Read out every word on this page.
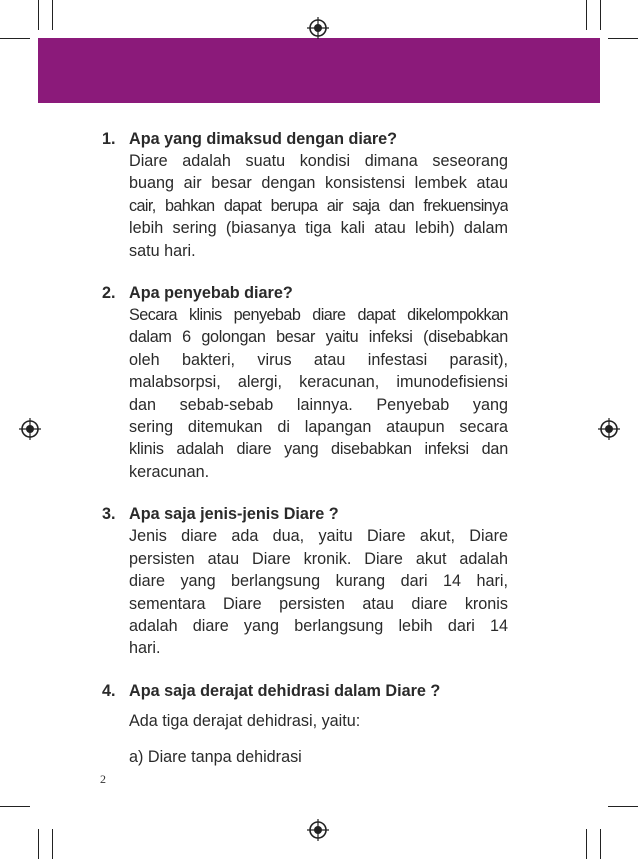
1. Apa yang dimaksud dengan diare?
Diare adalah suatu kondisi dimana seseorang
buang air besar dengan konsistensi lembek atau
cair, bahkan dapat berupa air saja dan frekuensinya
lebih sering (biasanya tiga kali atau lebih) dalam
satu hari.
2. Apa penyebab diare?
Secara klinis penyebab diare dapat dikelompokkan
dalam 6 golongan besar yaitu infeksi (disebabkan
oleh bakteri, virus atau infestasi parasit),
malabsorpsi, alergi, keracunan, imunodefisiensi
dan sebab-sebab lainnya. Penyebab yang
sering ditemukan di lapangan ataupun secara
klinis adalah diare yang disebabkan infeksi dan
keracunan.
3. Apa saja jenis-jenis Diare ?
Jenis diare ada dua, yaitu Diare akut, Diare
persisten atau Diare kronik. Diare akut adalah
diare yang berlangsung kurang dari 14 hari,
sementara Diare persisten atau diare kronis
adalah diare yang berlangsung lebih dari 14
hari.
4. Apa saja derajat dehidrasi dalam Diare ?
Ada tiga derajat dehidrasi, yaitu:
a) Diare tanpa dehidrasi
2
